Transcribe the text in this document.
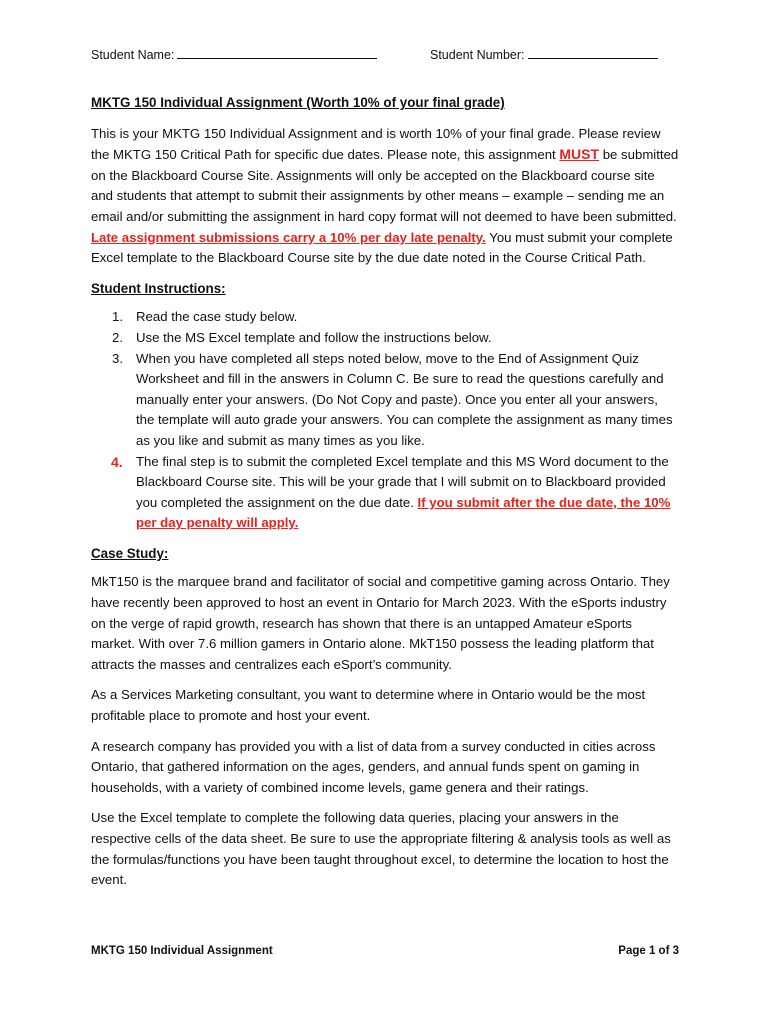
Student Name:	Student Number:

MKTG 150 Individual Assignment (Worth 10% of your final grade)

This is your MKTG 150 Individual Assignment and is worth 10% of your final grade. Please review the MKTG 150 Critical Path for specific due dates. Please note, this assignment MUST be submitted on the Blackboard Course Site. Assignments will only be accepted on the Blackboard course site and students that attempt to submit their assignments by other means – example – sending me an email and/or submitting the assignment in hard copy format will not deemed to have been submitted. Late assignment submissions carry a 10% per day late penalty. You must submit your complete Excel template to the Blackboard Course site by the due date noted in the Course Critical Path.

Student Instructions:

1. Read the case study below.
2. Use the MS Excel template and follow the instructions below.
3. When you have completed all steps noted below, move to the End of Assignment Quiz Worksheet and fill in the answers in Column C. Be sure to read the questions carefully and manually enter your answers. (Do Not Copy and paste). Once you enter all your answers, the template will auto grade your answers. You can complete the assignment as many times as you like and submit as many times as you like.
4. The final step is to submit the completed Excel template and this MS Word document to the Blackboard Course site. This will be your grade that I will submit on to Blackboard provided you completed the assignment on the due date. If you submit after the due date, the 10% per day penalty will apply.

Case Study:

MkT150 is the marquee brand and facilitator of social and competitive gaming across Ontario. They have recently been approved to host an event in Ontario for March 2023. With the eSports industry on the verge of rapid growth, research has shown that there is an untapped Amateur eSports market. With over 7.6 million gamers in Ontario alone. MkT150 possess the leading platform that attracts the masses and centralizes each eSport’s community.

As a Services Marketing consultant, you want to determine where in Ontario would be the most profitable place to promote and host your event.

A research company has provided you with a list of data from a survey conducted in cities across Ontario, that gathered information on the ages, genders, and annual funds spent on gaming in households, with a variety of combined income levels, game genera and their ratings.

Use the Excel template to complete the following data queries, placing your answers in the respective cells of the data sheet. Be sure to use the appropriate filtering & analysis tools as well as the formulas/functions you have been taught throughout excel, to determine the location to host the event.

MKTG 150 Individual Assignment	Page 1 of 3
